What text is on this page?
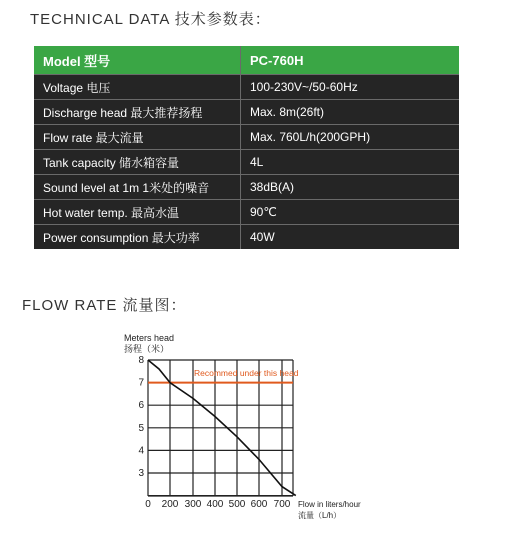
TECHNICAL DATA 技术参数表：
Model 型号	PC-760H
Voltage 电压	100-230V~/50-60Hz
Discharge head 最大推荐扬程	Max. 8m(26ft)
Flow rate 最大流量	Max. 760L/h(200GPH)
Tank capacity 储水箱容量	4L
Sound level at 1m 1米处的噪音	38dB(A)
Hot water temp. 最高水温	90℃
Power consumption 最大功率	40W
FLOW RATE 流量图：
Meters head
扬程（米）
Recommed under this head
3
4
5
6
7
8
0 200 300 400 500 600 700 Flow in liters/hour
流量（L/h）
